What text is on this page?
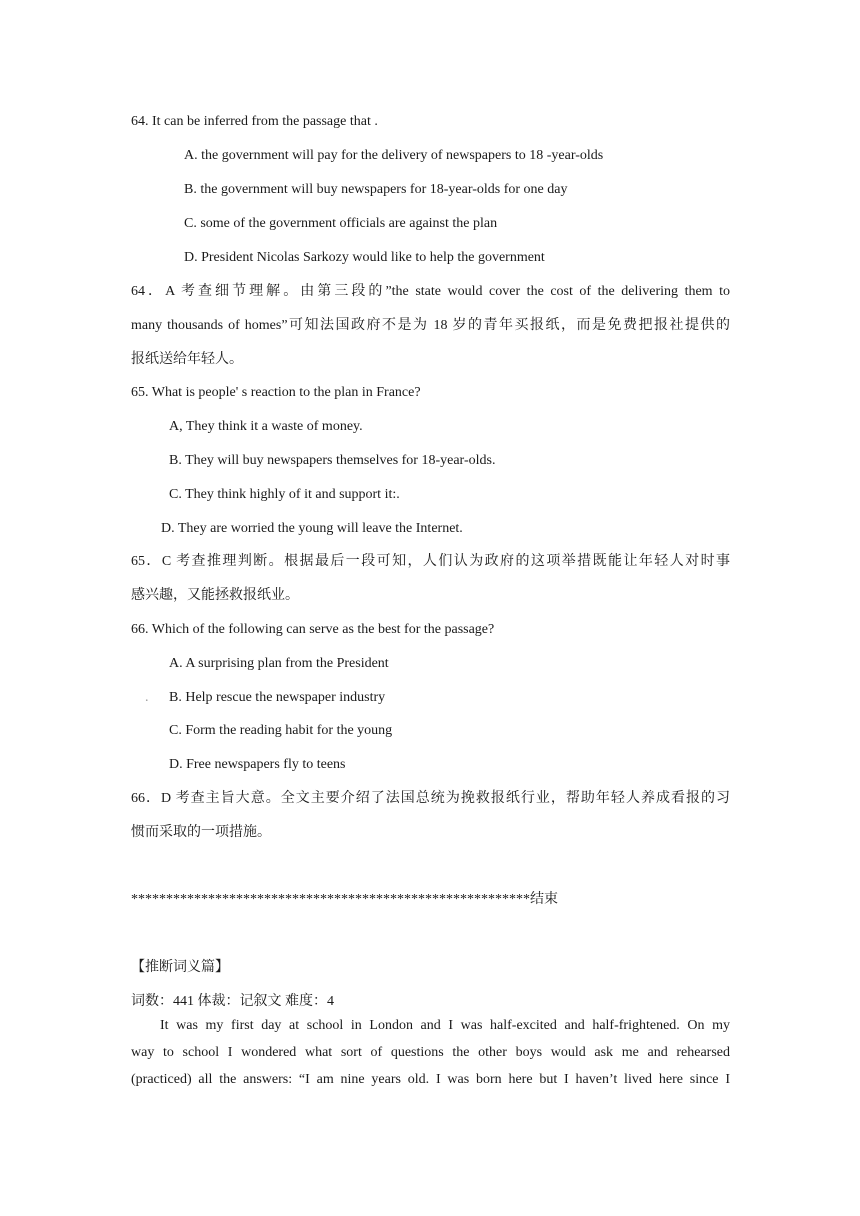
64. It can be inferred from the passage that .
A. the government will pay for the delivery of newspapers to 18 -year-olds
B. the government will buy newspapers for 18-year-olds for one day
C. some of the government officials are against the plan
D. President Nicolas Sarkozy would like to help the government
64．A 考查细节理解。由第三段的”the state would cover the cost of the delivering them to
many thousands of homes”可知法国政府不是为 18 岁的青年买报纸，而是免费把报社提供的
报纸送给年轻人。
65. What is people' s reaction to the plan in France?
A, They think it a waste of money.
B. They will buy newspapers themselves for 18-year-olds.
C. They think highly of it and support it:.
D. They are worried the young will leave the Internet.
65．C 考查推理判断。根据最后一段可知，人们认为政府的这项举措既能让年轻人对时事
感兴趣，又能拯救报纸业。
66. Which of the following can serve as the best for the passage?
A. A surprising plan from the President
. B. Help rescue the newspaper industry
C. Form the reading habit for the young
D. Free newspapers fly to teens
66．D 考查主旨大意。全文主要介绍了法国总统为挽救报纸行业，帮助年轻人养成看报的习
惯而采取的一项措施。
*********************************************************结束
【推断词义篇】
词数：441 体裁：记叙文 难度：4
It was my first day at school in London and I was half-excited and half-frightened. On my
way to school I wondered what sort of questions the other boys would ask me and rehearsed
(practiced) all the answers: “I am nine years old. I was born here but I haven’t lived here since I
